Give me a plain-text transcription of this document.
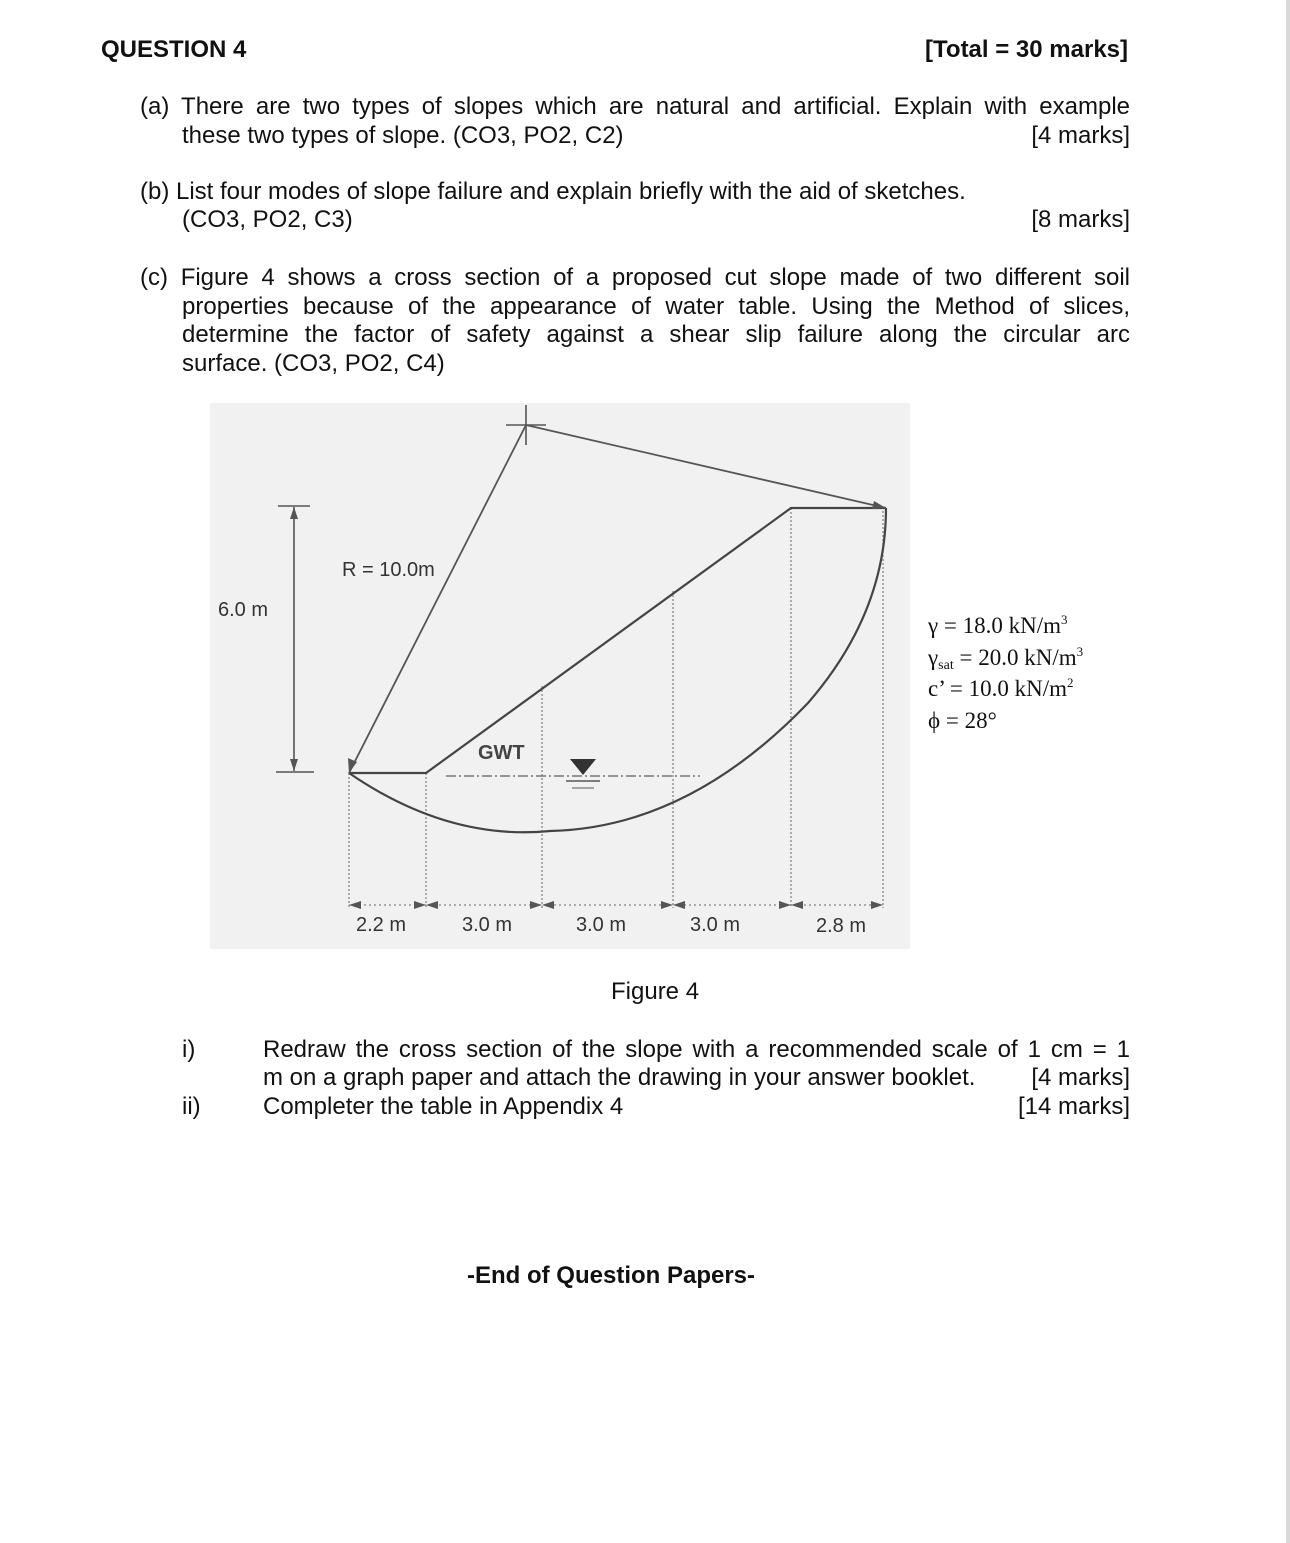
QUESTION 4	[Total = 30 marks]
(a) There are two types of slopes which are natural and artificial. Explain with example
these two types of slope. (CO3, PO2, C2)	[4 marks]
(b) List four modes of slope failure and explain briefly with the aid of sketches.
(CO3, PO2, C3)	[8 marks]
(c) Figure 4 shows a cross section of a proposed cut slope made of two different soil
properties because of the appearance of water table. Using the Method of slices,
determine the factor of safety against a shear slip failure along the circular arc
surface. (CO3, PO2, C4)
R = 10.0m
6.0 m
GWT
2.2 m	3.0 m	3.0 m	3.0 m	2.8 m
γ = 18.0 $kN/m^3$
$\gamma_{sat} = 20.0$ $kN/m^3$
c’ = 10.0 $kN/m^2$
ϕ = 28°
Figure 4
i)	Redraw the cross section of the slope with a recommended scale of 1 cm = 1
m on a graph paper and attach the drawing in your answer booklet.	[4 marks]
ii)	Completer the table in Appendix 4	[14 marks]
-End of Question Papers-
